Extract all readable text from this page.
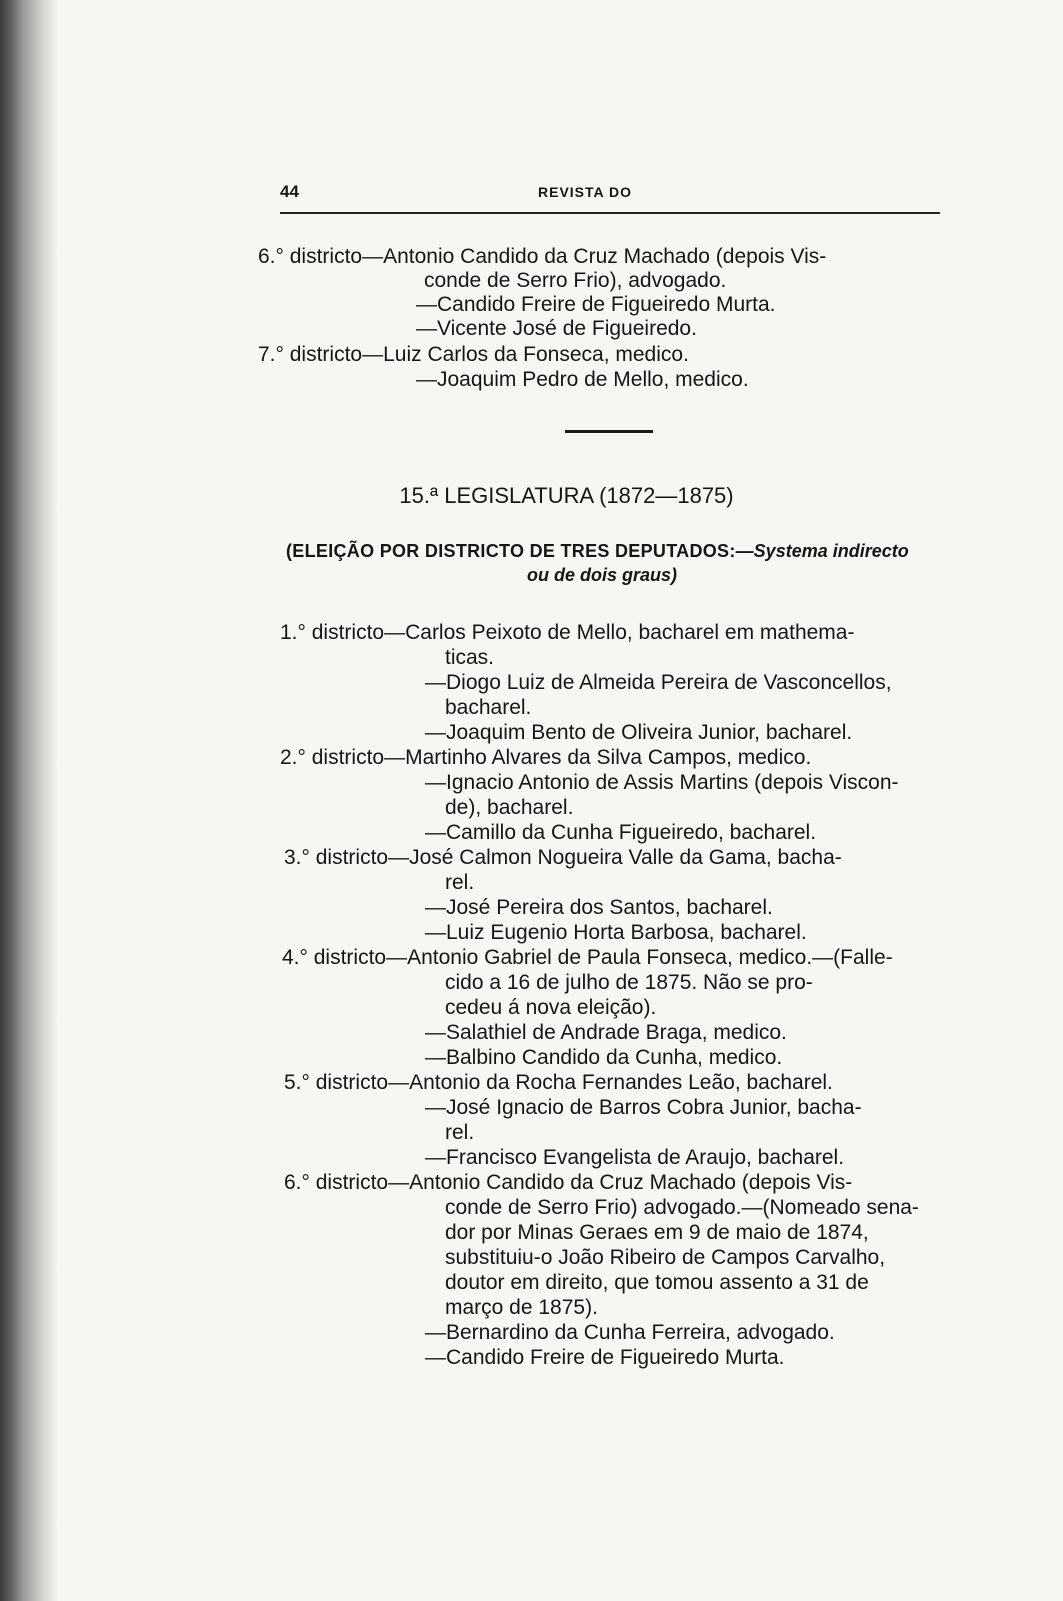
44	REVISTA DO
6.° districto—Antonio Candido da Cruz Machado (depois Vis-
conde de Serro Frio), advogado.
—Candido Freire de Figueiredo Murta.
—Vicente José de Figueiredo.
7.° districto—Luiz Carlos da Fonseca, medico.
—Joaquim Pedro de Mello, medico.
15.ª LEGISLATURA (1872—1875)
(ELEIÇÃO POR DISTRICTO DE TRES DEPUTADOS:—Systema indirecto
ou de dois graus)
1.° districto—Carlos Peixoto de Mello, bacharel em mathema-
ticas.
—Diogo Luiz de Almeida Pereira de Vasconcellos,
bacharel.
—Joaquim Bento de Oliveira Junior, bacharel.
2.° districto—Martinho Alvares da Silva Campos, medico.
—Ignacio Antonio de Assis Martins (depois Viscon-
de), bacharel.
—Camillo da Cunha Figueiredo, bacharel.
3.° districto—José Calmon Nogueira Valle da Gama, bacha-
rel.
—José Pereira dos Santos, bacharel.
—Luiz Eugenio Horta Barbosa, bacharel.
4.° districto—Antonio Gabriel de Paula Fonseca, medico.—(Falle-
cido a 16 de julho de 1875. Não se pro-
cedeu á nova eleição).
—Salathiel de Andrade Braga, medico.
—Balbino Candido da Cunha, medico.
5.° districto—Antonio da Rocha Fernandes Leão, bacharel.
—José Ignacio de Barros Cobra Junior, bacha-
rel.
—Francisco Evangelista de Araujo, bacharel.
6.° districto—Antonio Candido da Cruz Machado (depois Vis-
conde de Serro Frio) advogado.—(Nomeado sena-
dor por Minas Geraes em 9 de maio de 1874,
substituiu-o João Ribeiro de Campos Carvalho,
doutor em direito, que tomou assento a 31 de
março de 1875).
—Bernardino da Cunha Ferreira, advogado.
—Candido Freire de Figueiredo Murta.
